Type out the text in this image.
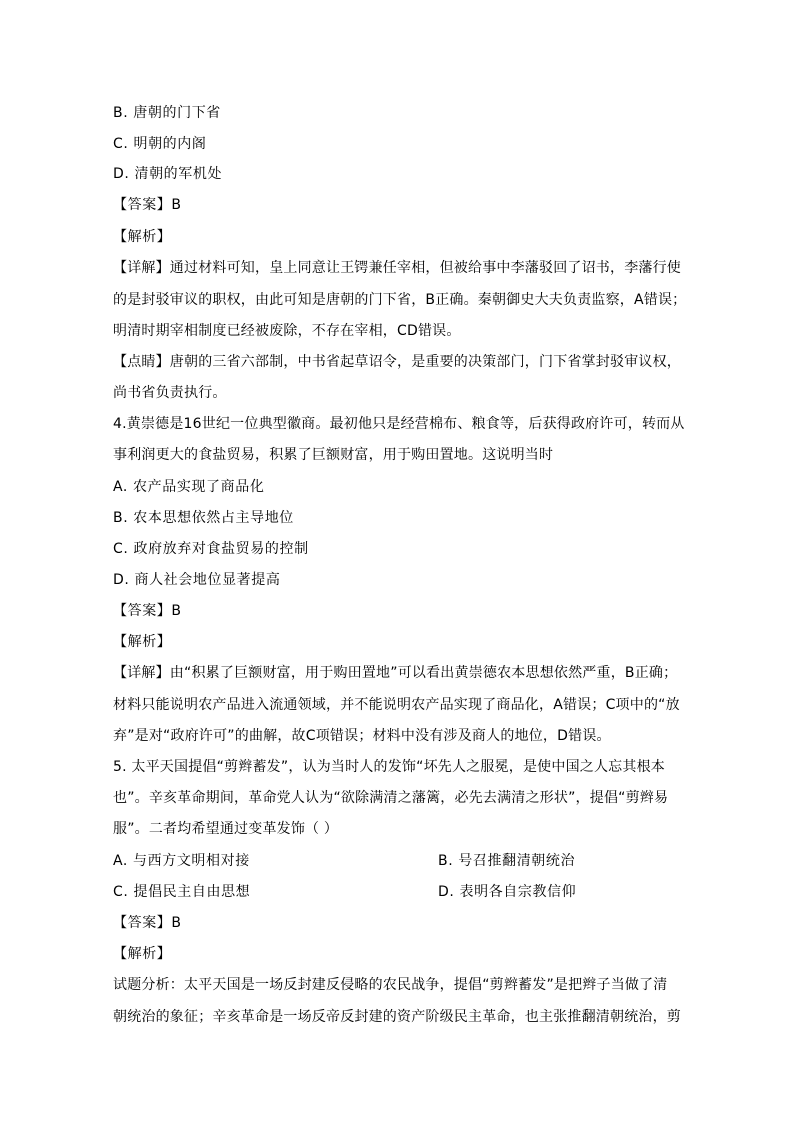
B. 唐朝的门下省
C. 明朝的内阁
D. 清朝的军机处
【答案】B
【解析】
【详解】通过材料可知，皇上同意让王锷兼任宰相，但被给事中李藩驳回了诏书，李藩行使
的是封驳审议的职权，由此可知是唐朝的门下省，B正确。秦朝御史大夫负责监察，A错误；
明清时期宰相制度已经被废除，不存在宰相，CD错误。
【点睛】唐朝的三省六部制，中书省起草诏令，是重要的决策部门，门下省掌封驳审议权，
尚书省负责执行。
4.黄崇德是16世纪一位典型徽商。最初他只是经营棉布、粮食等，后获得政府许可，转而从
事利润更大的食盐贸易，积累了巨额财富，用于购田置地。这说明当时
A. 农产品实现了商品化
B. 农本思想依然占主导地位
C. 政府放弃对食盐贸易的控制
D. 商人社会地位显著提高
【答案】B
【解析】
【详解】由“积累了巨额财富，用于购田置地”可以看出黄崇德农本思想依然严重，B正确；
材料只能说明农产品进入流通领域，并不能说明农产品实现了商品化，A错误；C项中的“放
弃”是对“政府许可”的曲解，故C项错误；材料中没有涉及商人的地位，D错误。
5. 太平天国提倡“剪辫蓄发”，认为当时人的发饰“坏先人之服冕，是使中国之人忘其根本
也”。辛亥革命期间，革命党人认为“欲除满清之藩篱，必先去满清之形状”，提倡“剪辫易
服”。二者均希望通过变革发饰（ ）
A. 与西方文明相对接	B. 号召推翻清朝统治
C. 提倡民主自由思想	D. 表明各自宗教信仰
【答案】B
【解析】
试题分析：太平天国是一场反封建反侵略的农民战争，提倡“剪辫蓄发”是把辫子当做了清
朝统治的象征；辛亥革命是一场反帝反封建的资产阶级民主革命，也主张推翻清朝统治，剪
